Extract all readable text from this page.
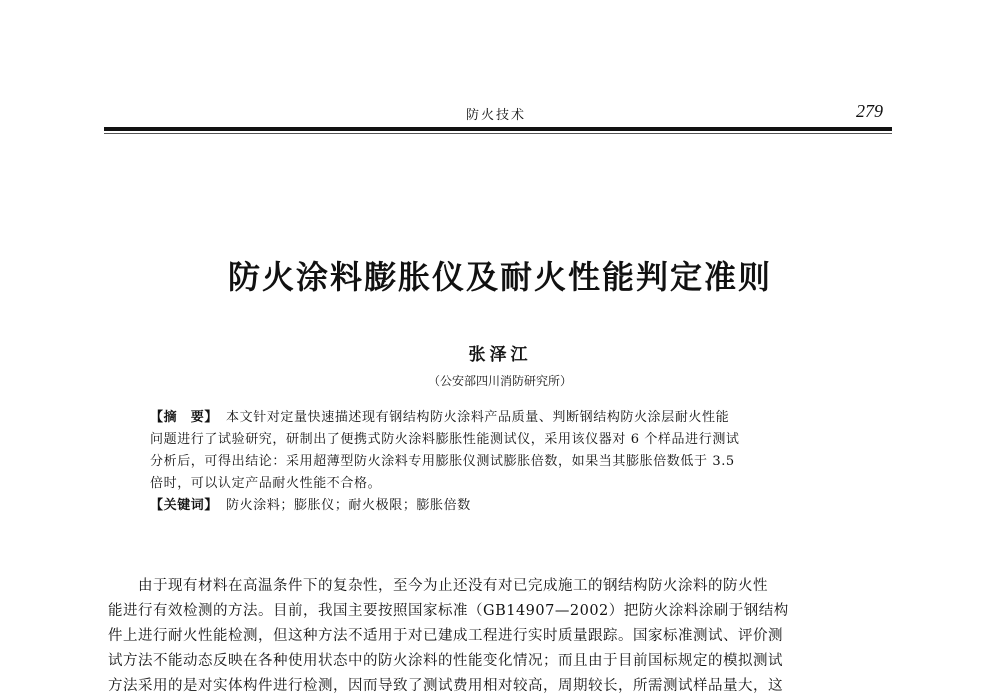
防火技术	279
防火涂料膨胀仪及耐火性能判定准则
张泽江
（公安部四川消防研究所）
【摘　要】 本文针对定量快速描述现有钢结构防火涂料产品质量、判断钢结构防火涂层耐火性能
问题进行了试验研究，研制出了便携式防火涂料膨胀性能测试仪，采用该仪器对 6 个样品进行测试
分析后，可得出结论：采用超薄型防火涂料专用膨胀仪测试膨胀倍数，如果当其膨胀倍数低于 3.5
倍时，可以认定产品耐火性能不合格。
【关键词】 防火涂料；膨胀仪；耐火极限；膨胀倍数
由于现有材料在高温条件下的复杂性，至今为止还没有对已完成施工的钢结构防火涂料的防火性
能进行有效检测的方法。目前，我国主要按照国家标准（GB14907—2002）把防火涂料涂刷于钢结构
件上进行耐火性能检测，但这种方法不适用于对已建成工程进行实时质量跟踪。国家标准测试、评价测
试方法不能动态反映在各种使用状态中的防火涂料的性能变化情况；而且由于目前国标规定的模拟测试
方法采用的是对实体构件进行检测，因而导致了测试费用相对较高，周期较长，所需测试样品量大，这
